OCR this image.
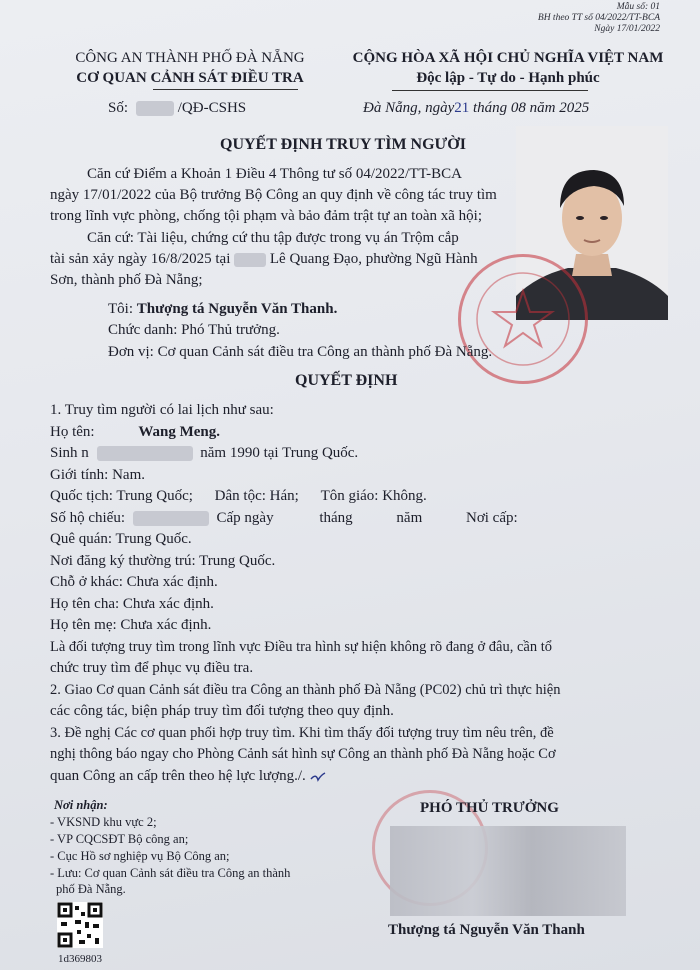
Mẫu số: 01
BH theo TT số 04/2022/TT-BCA
Ngày 17/01/2022
CÔNG AN THÀNH PHỐ ĐÀ NẴNG
CƠ QUAN CẢNH SÁT ĐIỀU TRA
Số:	/QĐ-CSHS
CỘNG HÒA XÃ HỘI CHỦ NGHĨA VIỆT NAM
Độc lập - Tự do - Hạnh phúc
Đà Nẵng, ngày21 tháng 08 năm 2025
QUYẾT ĐỊNH TRUY TÌM NGƯỜI
Căn cứ Điểm a Khoản 1 Điều 4 Thông tư số 04/2022/TT-BCA
ngày 17/01/2022 của Bộ trưởng Bộ Công an quy định về công tác truy tìm
trong lĩnh vực phòng, chống tội phạm và bảo đảm trật tự an toàn xã hội;
Căn cứ: Tài liệu, chứng cứ thu tập được trong vụ án Trộm cắp
tài sản xảy ngày 16/8/2025 tại	Lê Quang Đạo, phường Ngũ Hành
Sơn, thành phố Đà Nẵng;
Tôi: Thượng tá Nguyễn Văn Thanh.
Chức danh: Phó Thủ trưởng.
Đơn vị: Cơ quan Cảnh sát điều tra Công an thành phố Đà Nẵng.
QUYẾT ĐỊNH
1. Truy tìm người có lai lịch như sau:
Họ tên:	Wang Meng.
Sinh n	năm 1990 tại Trung Quốc.
Giới tính: Nam.
Quốc tịch: Trung Quốc; Dân tộc: Hán; Tôn giáo: Không.
Số hộ chiếu:	Cấp ngày	tháng	năm	Nơi cấp:
Quê quán: Trung Quốc.
Nơi đăng ký thường trú: Trung Quốc.
Chỗ ở khác: Chưa xác định.
Họ tên cha: Chưa xác định.
Họ tên mẹ: Chưa xác định.
Là đối tượng truy tìm trong lĩnh vực Điều tra hình sự hiện không rõ đang ở đâu, cần tổ
chức truy tìm để phục vụ điều tra.
2. Giao Cơ quan Cảnh sát điều tra Công an thành phố Đà Nẵng (PC02) chủ trì thực hiện
các công tác, biện pháp truy tìm đối tượng theo quy định.
3. Đề nghị Các cơ quan phối hợp truy tìm. Khi tìm thấy đối tượng truy tìm nêu trên, đề
nghị thông báo ngay cho Phòng Cảnh sát hình sự Công an thành phố Đà Nẵng hoặc Cơ
quan Công an cấp trên theo hệ lực lượng./.
Nơi nhận:
- VKSND khu vực 2;
- VP CQCSĐT Bộ công an;
- Cục Hồ sơ nghiệp vụ Bộ Công an;
- Lưu: Cơ quan Cảnh sát điều tra Công an thành
phố Đà Nẵng.
1d369803
PHÓ THỦ TRƯỞNG
Thượng tá Nguyễn Văn Thanh
